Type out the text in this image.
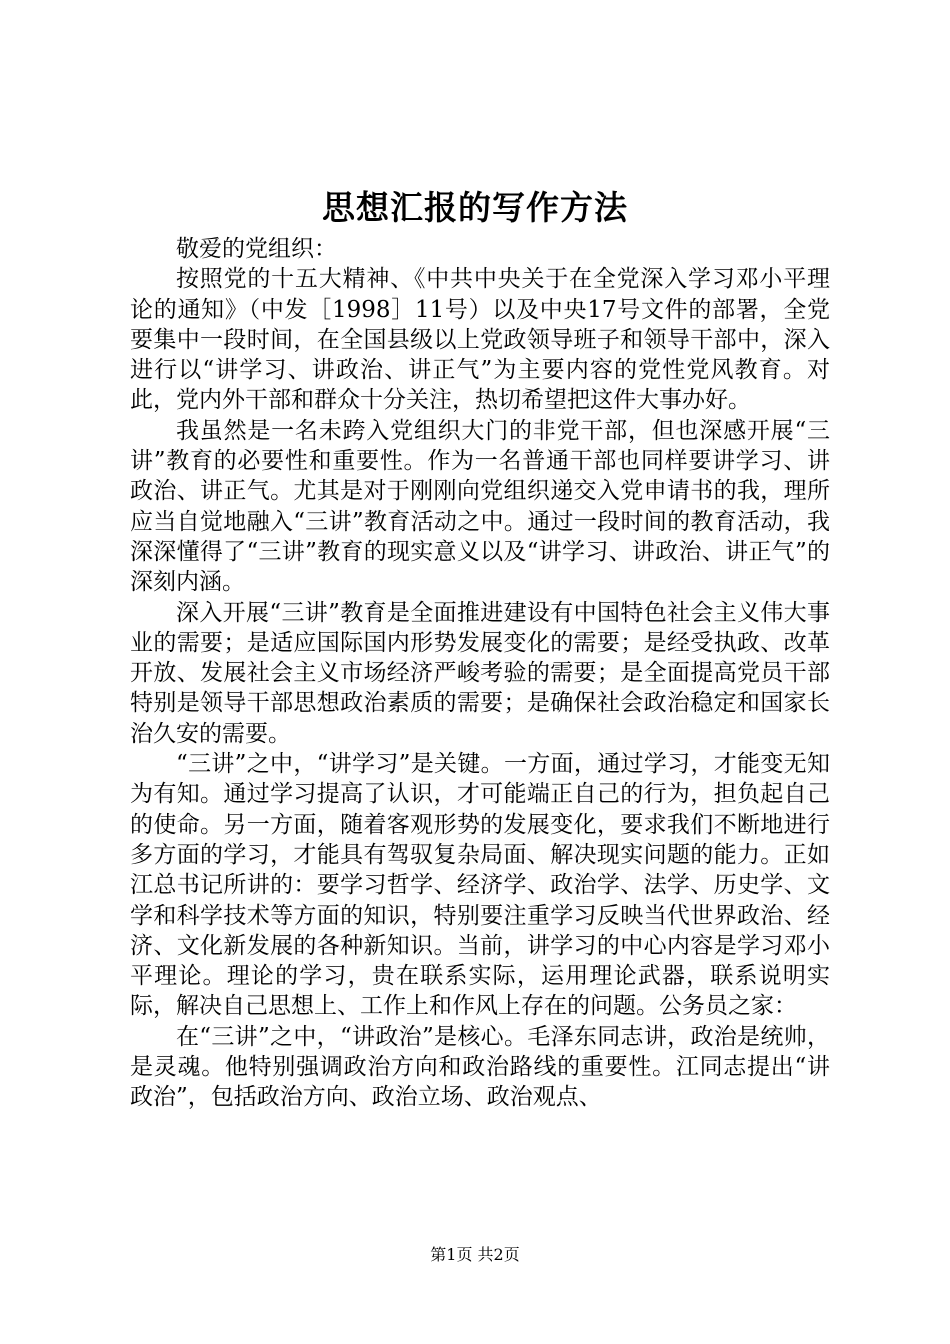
思想汇报的写作方法

敬爱的党组织：

按照党的十五大精神、《中共中央关于在全党深入学习邓小平理论的通知》（中发［1998］11号）以及中央17号文件的部署，全党要集中一段时间，在全国县级以上党政领导班子和领导干部中，深入进行以“讲学习、讲政治、讲正气”为主要内容的党性党风教育。对此，党内外干部和群众十分关注，热切希望把这件大事办好。

我虽然是一名未跨入党组织大门的非党干部，但也深感开展“三讲”教育的必要性和重要性。作为一名普通干部也同样要讲学习、讲政治、讲正气。尤其是对于刚刚向党组织递交入党申请书的我，理所应当自觉地融入“三讲”教育活动之中。通过一段时间的教育活动，我深深懂得了“三讲”教育的现实意义以及“讲学习、讲政治、讲正气”的深刻内涵。

深入开展“三讲”教育是全面推进建设有中国特色社会主义伟大事业的需要；是适应国际国内形势发展变化的需要；是经受执政、改革开放、发展社会主义市场经济严峻考验的需要；是全面提高党员干部特别是领导干部思想政治素质的需要；是确保社会政治稳定和国家长治久安的需要。

“三讲”之中，“讲学习”是关键。一方面，通过学习，才能变无知为有知。通过学习提高了认识，才可能端正自己的行为，担负起自己的使命。另一方面，随着客观形势的发展变化，要求我们不断地进行多方面的学习，才能具有驾驭复杂局面、解决现实问题的能力。正如江总书记所讲的：要学习哲学、经济学、政治学、法学、历史学、文学和科学技术等方面的知识，特别要注重学习反映当代世界政治、经济、文化新发展的各种新知识。当前，讲学习的中心内容是学习邓小平理论。理论的学习，贵在联系实际，运用理论武器，联系说明实际，解决自己思想上、工作上和作风上存在的问题。公务员之家：

在“三讲”之中，“讲政治”是核心。毛泽东同志讲，政治是统帅，是灵魂。他特别强调政治方向和政治路线的重要性。江同志提出“讲政治”，包括政治方向、政治立场、政治观点、

第1页 共2页
